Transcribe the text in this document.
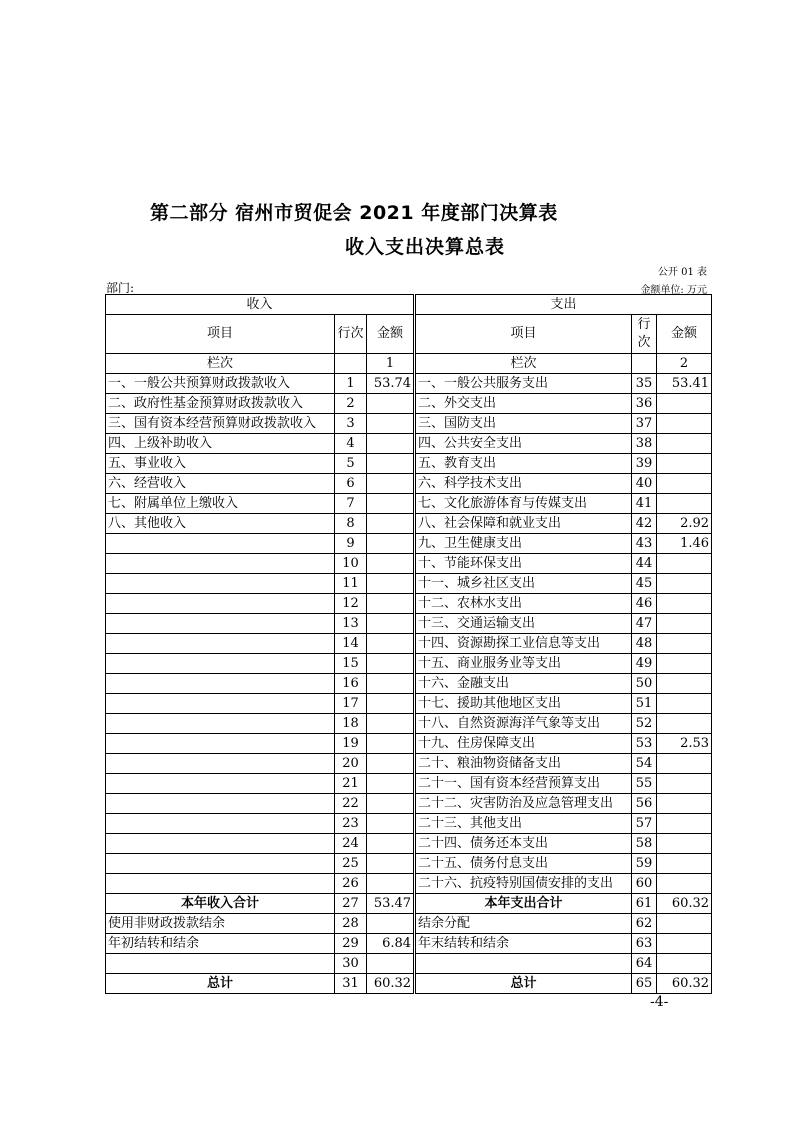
第二部分 宿州市贸促会 2021 年度部门决算表
收入支出决算总表
公开 01 表
部门:	金额单位: 万元
收入				支出		
项目	行次	金额		项目	行次	金额
栏次		1		栏次		2
一、一般公共预算财政拨款收入	1	53.74		一、一般公共服务支出	35	53.41
二、政府性基金预算财政拨款收入	2			二、外交支出	36	
三、国有资本经营预算财政拨款收入	3			三、国防支出	37	
四、上级补助收入	4			四、公共安全支出	38	
五、事业收入	5			五、教育支出	39	
六、经营收入	6			六、科学技术支出	40	
七、附属单位上缴收入	7			七、文化旅游体育与传媒支出	41	
八、其他收入	8			八、社会保障和就业支出	42	2.92
	9			九、卫生健康支出	43	1.46
	10			十、节能环保支出	44	
	11			十一、城乡社区支出	45	
	12			十二、农林水支出	46	
	13			十三、交通运输支出	47	
	14			十四、资源勘探工业信息等支出	48	
	15			十五、商业服务业等支出	49	
	16			十六、金融支出	50	
	17			十七、援助其他地区支出	51	
	18			十八、自然资源海洋气象等支出	52	
	19			十九、住房保障支出	53	2.53
	20			二十、粮油物资储备支出	54	
	21			二十一、国有资本经营预算支出	55	
	22			二十二、灾害防治及应急管理支出	56	
	23			二十三、其他支出	57	
	24			二十四、债务还本支出	58	
	25			二十五、债务付息支出	59	
	26			二十六、抗疫特别国债安排的支出	60	
本年收入合计	27	53.47		本年支出合计	61	60.32
使用非财政拨款结余	28			结余分配	62	
年初结转和结余	29	6.84		年末结转和结余	63	
	30				64	
总计	31	60.32		总计	65	60.32
-4-
